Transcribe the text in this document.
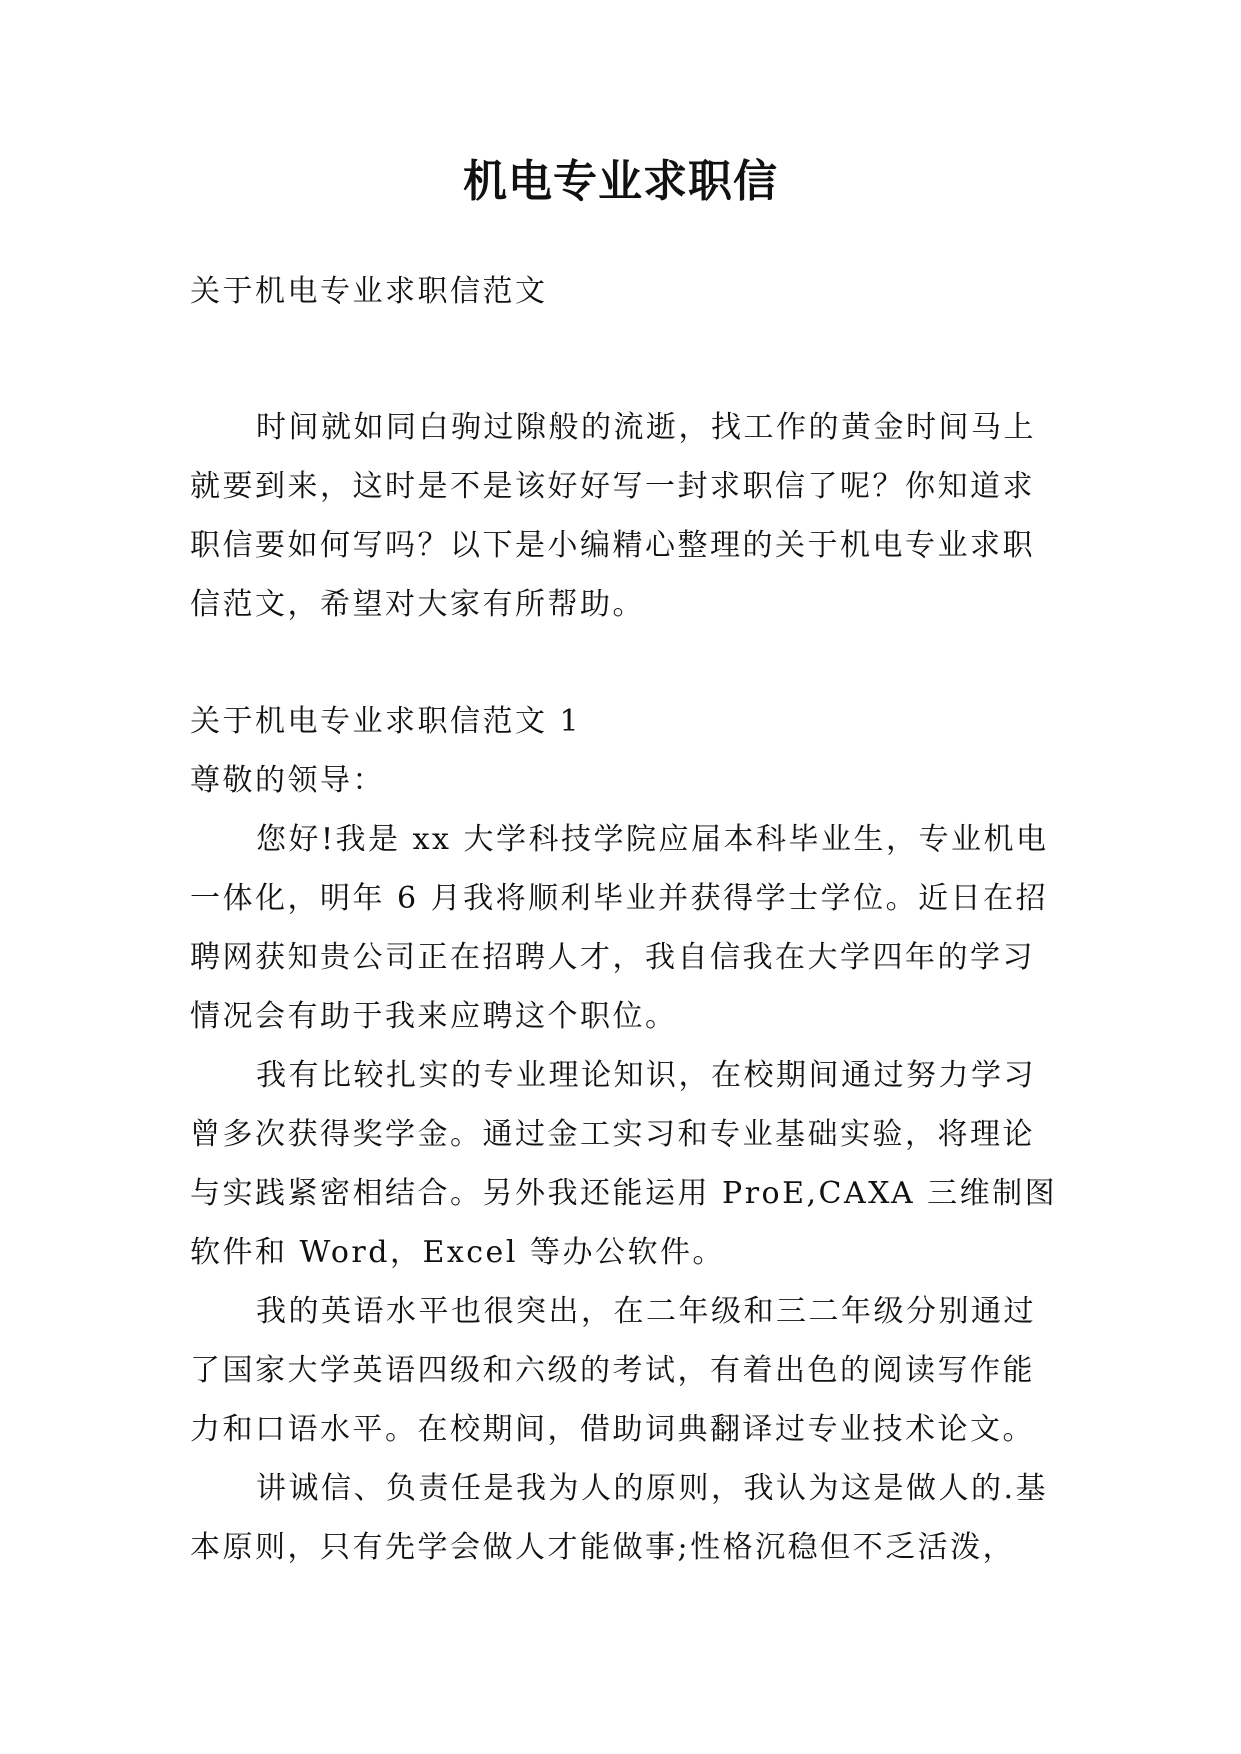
机电专业求职信

关于机电专业求职信范文

时间就如同白驹过隙般的流逝，找工作的黄金时间马上就要到来，这时是不是该好好写一封求职信了呢？你知道求职信要如何写吗？以下是小编精心整理的关于机电专业求职信范文，希望对大家有所帮助。

关于机电专业求职信范文 1

尊敬的领导：

您好!我是 xx 大学科技学院应届本科毕业生，专业机电一体化，明年 6 月我将顺利毕业并获得学士学位。近日在招聘网获知贵公司正在招聘人才，我自信我在大学四年的学习情况会有助于我来应聘这个职位。

我有比较扎实的专业理论知识，在校期间通过努力学习曾多次获得奖学金。通过金工实习和专业基础实验，将理论与实践紧密相结合。另外我还能运用 ProE,CAXA 三维制图软件和 Word，Excel 等办公软件。

我的英语水平也很突出，在二年级和三二年级分别通过了国家大学英语四级和六级的考试，有着出色的阅读写作能力和口语水平。在校期间，借助词典翻译过专业技术论文。

讲诚信、负责任是我为人的原则，我认为这是做人的.基本原则，只有先学会做人才能做事;性格沉稳但不乏活泼，
